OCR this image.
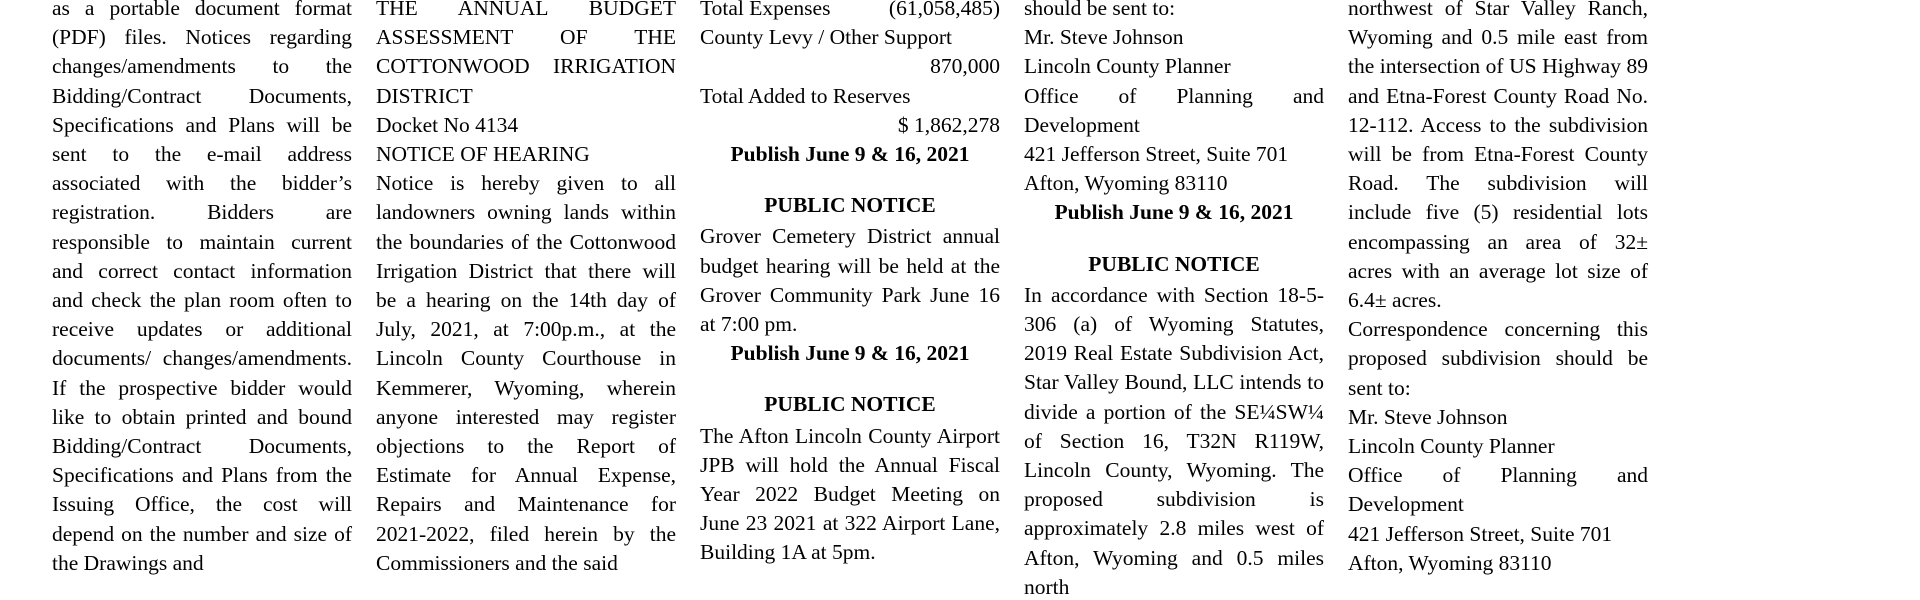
as a portable document format (PDF) files. Notices regarding changes/amendments to the Bidding/Contract Documents, Specifications and Plans will be sent to the e-mail address associated with the bidder’s registration. Bidders are responsible to maintain current and correct contact information and check the plan room often to receive updates or additional documents/ changes/amendments. If the prospective bidder would like to obtain printed and bound Bidding/Contract Documents, Specifications and Plans from the Issuing Office, the cost will depend on the number and size of the Drawings and

THE ANNUAL BUDGET ASSESSMENT OF THE COTTONWOOD IRRIGATION DISTRICT

Docket No 4134

NOTICE OF HEARING

Notice is hereby given to all landowners owning lands within the boundaries of the Cottonwood Irrigation District that there will be a hearing on the 14th day of July, 2021, at 7:00p.m., at the Lincoln County Courthouse in Kemmerer, Wyoming, wherein anyone interested may register objections to the Report of Estimate for Annual Expense, Repairs and Maintenance for 2021-2022, filed herein by the Commissioners and the said

Total Expenses	(61,058,485)

County Levy / Other Support

870,000

Total Added to Reserves

$ 1,862,278

Publish June 9 & 16, 2021

PUBLIC NOTICE

Grover Cemetery District annual budget hearing will be held at the Grover Community Park June 16 at 7:00 pm.

Publish June 9 & 16, 2021

PUBLIC NOTICE

The Afton Lincoln County Airport JPB will hold the Annual Fiscal Year 2022 Budget Meeting on June 23 2021 at 322 Airport Lane, Building 1A at 5pm.

should be sent to:

Mr. Steve Johnson

Lincoln County Planner

Office of Planning and Development

421 Jefferson Street, Suite 701

Afton, Wyoming 83110

Publish June 9 & 16, 2021

PUBLIC NOTICE

In accordance with Section 18-5-306 (a) of Wyoming Statutes, 2019 Real Estate Subdivision Act, Star Valley Bound, LLC intends to divide a portion of the SE¼SW¼ of Section 16, T32N R119W, Lincoln County, Wyoming. The proposed subdivision is approximately 2.8 miles west of Afton, Wyoming and 0.5 miles north

northwest of Star Valley Ranch, Wyoming and 0.5 mile east from the intersection of US Highway 89 and Etna-Forest County Road No. 12-112. Access to the subdivision will be from Etna-Forest County Road. The subdivision will include five (5) residential lots encompassing an area of 32± acres with an average lot size of 6.4± acres.

Correspondence concerning this proposed subdivision should be sent to:

Mr. Steve Johnson

Lincoln County Planner

Office of Planning and Development

421 Jefferson Street, Suite 701

Afton, Wyoming 83110
